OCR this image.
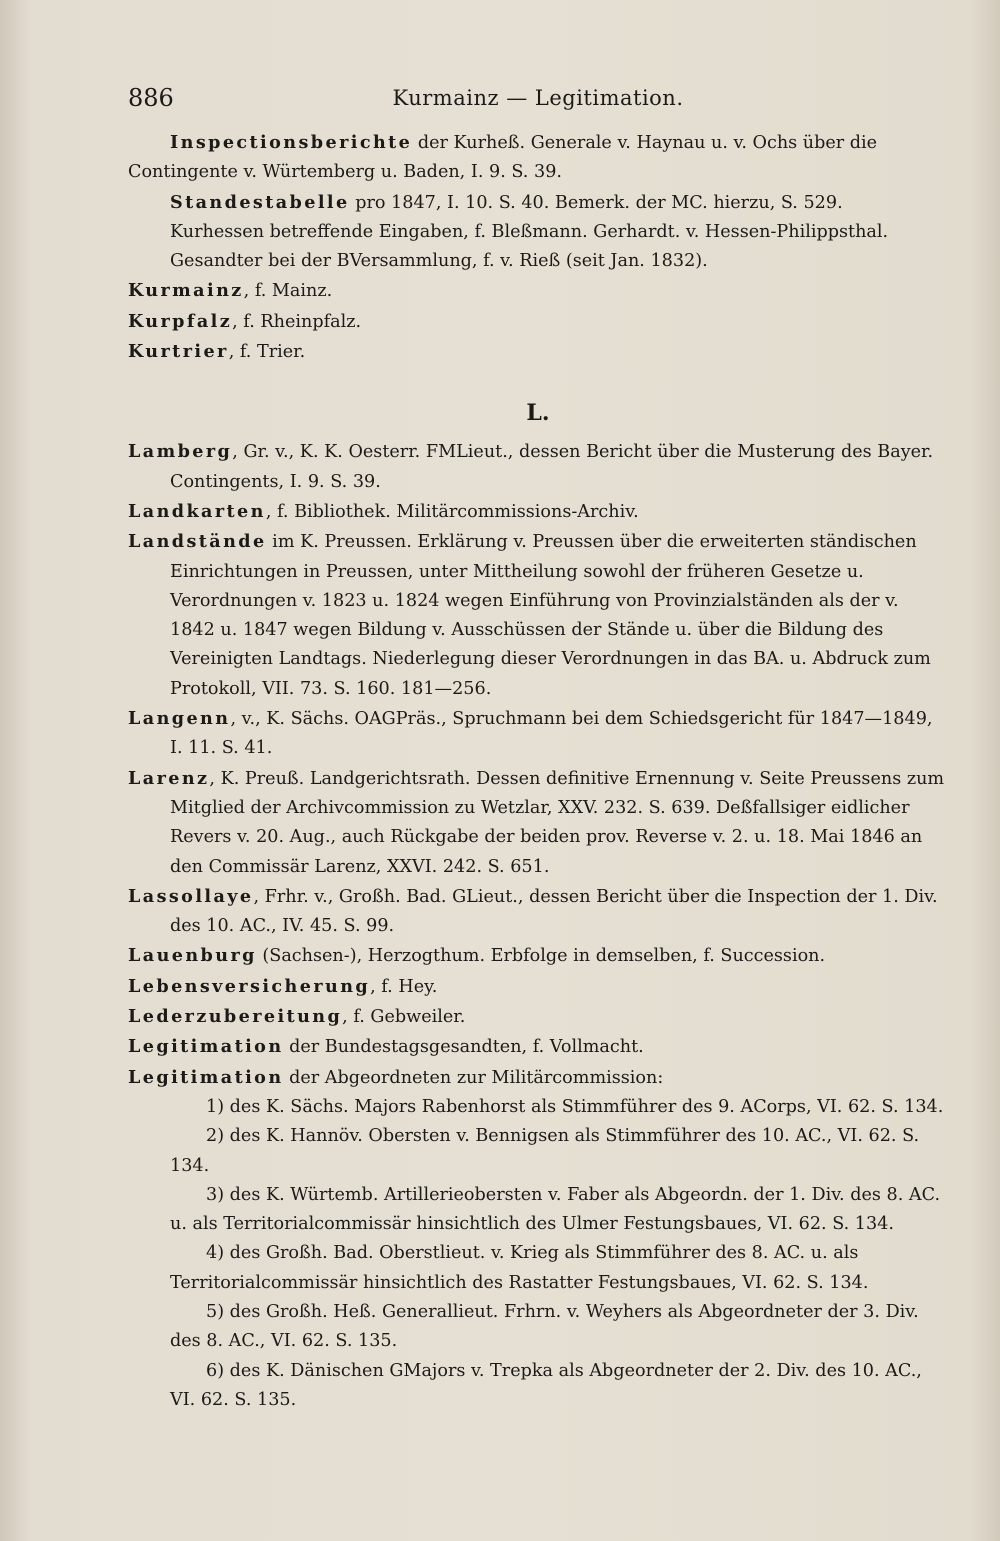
886	Kurmainz — Legitimation.

Inspectionsberichte der Kurheß. Generale v. Haynau u. v. Ochs über die Contingente v. Würtemberg u. Baden, I. 9. S. 39.

Standestabelle pro 1847, I. 10. S. 40. Bemerk. der MC. hierzu, S. 529.

Kurhessen betreffende Eingaben, f. Bleßmann. Gerhardt. v. Hessen-Philippsthal.

Gesandter bei der BVersammlung, f. v. Rieß (seit Jan. 1832).

Kurmainz, f. Mainz.

Kurpfalz, f. Rheinpfalz.

Kurtrier, f. Trier.

L.

Lamberg, Gr. v., K. K. Oesterr. FMLieut., dessen Bericht über die Musterung des Bayer. Contingents, I. 9. S. 39.

Landkarten, f. Bibliothek. Militärcommissions-Archiv.

Landstände im K. Preussen. Erklärung v. Preussen über die erweiterten ständischen Einrichtungen in Preussen, unter Mittheilung sowohl der früheren Gesetze u. Verordnungen v. 1823 u. 1824 wegen Einführung von Provinzialständen als der v. 1842 u. 1847 wegen Bildung v. Ausschüssen der Stände u. über die Bildung des Vereinigten Landtags. Niederlegung dieser Verordnungen in das BA. u. Abdruck zum Protokoll, VII. 73. S. 160. 181—256.

Langenn, v., K. Sächs. OAGPräs., Spruchmann bei dem Schiedsgericht für 1847—1849, I. 11. S. 41.

Larenz, K. Preuß. Landgerichtsrath. Dessen definitive Ernennung v. Seite Preussens zum Mitglied der Archivcommission zu Wetzlar, XXV. 232. S. 639. Deßfallsiger eidlicher Revers v. 20. Aug., auch Rückgabe der beiden prov. Reverse v. 2. u. 18. Mai 1846 an den Commissär Larenz, XXVI. 242. S. 651.

Lassollaye, Frhr. v., Großh. Bad. GLieut., dessen Bericht über die Inspection der 1. Div. des 10. AC., IV. 45. S. 99.

Lauenburg (Sachsen-), Herzogthum. Erbfolge in demselben, f. Succession.

Lebensversicherung, f. Hey.

Lederzubereitung, f. Gebweiler.

Legitimation der Bundestagsgesandten, f. Vollmacht.

Legitimation der Abgeordneten zur Militärcommission:

1) des K. Sächs. Majors Rabenhorst als Stimmführer des 9. ACorps, VI. 62. S. 134.

2) des K. Hannöv. Obersten v. Bennigsen als Stimmführer des 10. AC., VI. 62. S. 134.

3) des K. Würtemb. Artillerieobersten v. Faber als Abgeordn. der 1. Div. des 8. AC. u. als Territorialcommissär hinsichtlich des Ulmer Festungsbaues, VI. 62. S. 134.

4) des Großh. Bad. Oberstlieut. v. Krieg als Stimmführer des 8. AC. u. als Territorialcommissär hinsichtlich des Rastatter Festungsbaues, VI. 62. S. 134.

5) des Großh. Heß. Generallieut. Frhrn. v. Weyhers als Abgeordneter der 3. Div. des 8. AC., VI. 62. S. 135.

6) des K. Dänischen GMajors v. Trepka als Abgeordneter der 2. Div. des 10. AC., VI. 62. S. 135.
